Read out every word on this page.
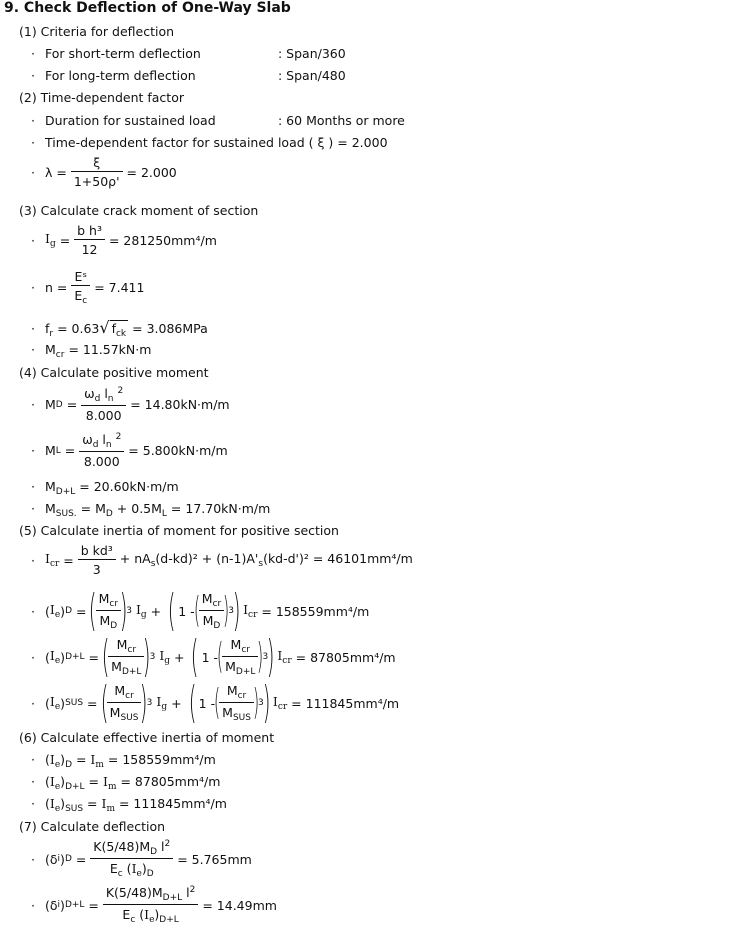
9. Check Deflection of One-Way Slab
(1) Criteria for deflection
· For short-term deflection	: Span/360
· For long-term deflection	: Span/480
(2) Time-dependent factor
· Duration for sustained load	: 60 Months or more
· Time-dependent factor for sustained load ( ξ ) = 2.000
· λ =
$\frac{\xi}{1+50\rho'}$
= 2.000
(3) Calculate crack moment of section
· $I_g = \frac{\text{b h³}}{12}$
= 281250mm⁴/m
· n =
$\frac{\text{Eˢ}}{E_c}$
= 7.411
· $f_r = 0.63√$ $f_{ck} = 3.086MPa$
· $M_{cr} = 11.57kN\cdot m$
(4) Calculate positive moment
· M $D = \frac{\omega_d l_n ^2}{8.000}$
= 14.80kN·m/m
· M $L = \frac{\omega_d l_n ^2}{8.000}$
= 5.800kN·m/m
· $M_{D+L} = 20.60kN\cdot m/m$
· $M_{SUS.} = M_D + 0.5M_L = 17.70kN\cdot m/m$
(5) Calculate inertia of moment for positive section
· $I_{cr} = \frac{\text{b kd³}}{3}$
+ $nA_s(d-kd)^2 + (n-1)A'_s(kd-d')^2 = 46101mm^4/m$
· ( $I_e$ ) D =
(
$\frac{M_{cr}}{M_D}$
)
3
$I_g$ +
(
1 -
(
$\frac{M_{cr}}{M_D}$
)
3
)
$I_{cr}$
= 158559mm⁴/m
· ( $I_e$ ) D+L =
(
$\frac{M_{cr}}{M_{D+L}}$
)
3
$I_g$ +
(
1 -
(
$\frac{M_{cr}}{M_{D+L}}$
)
3
)
$I_{cr}$
= 87805mm⁴/m
· ( $I_e$ ) SUS =
(
$\frac{M_{cr}}{M_{SUS}}$
)
3
$I_g$ +
(
1 -
(
$\frac{M_{cr}}{M_{SUS}}$
)
3
)
$I_{cr}$
= 111845mm⁴/m
(6) Calculate effective inertia of moment
· $(I_e)_D = I_m = 158559mm^4/m$
· $(I_e)_{D+L} = I_m = 87805mm^4/m$
· $(I_e)_{SUS} = I_m = 111845mm^4/m$
(7) Calculate deflection
· (δ i ) $D = \frac{K(5/48)M_D l^2}{E_c (I_e)_D}$
= 5.765mm
· (δ i ) $D+L = \frac{K(5/48)M_{D+L} l^2}{E_c (I_e)_{D+L}}$
= 14.49mm
